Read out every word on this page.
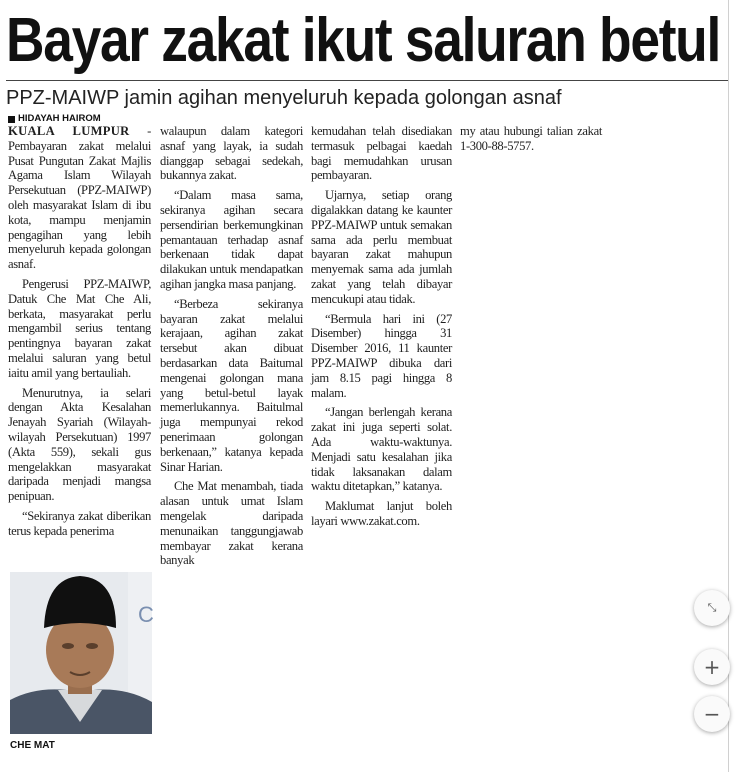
Bayar zakat ikut saluran betul
PPZ-MAIWP jamin agihan menyeluruh kepada golongan asnaf
HIDAYAH HAIROM

KUALA LUMPUR - Pembayaran zakat melalui Pusat Pungutan Zakat Majlis Agama Islam Wilayah Persekutuan (PPZ-MAIWP) oleh masyarakat Islam di ibu kota, mampu menjamin pengagihan yang lebih menyeluruh kepada golongan asnaf.

Pengerusi PPZ-MAIWP, Datuk Che Mat Che Ali, berkata, masyarakat perlu mengambil serius tentang pentingnya bayaran zakat melalui saluran yang betul iaitu amil yang bertauliah.

Menurutnya, ia selari dengan Akta Kesalahan Jenayah Syariah (Wilayah-wilayah Persekutuan) 1997 (Akta 559), sekali gus mengelakkan masyarakat daripada menjadi mangsa penipuan.

“Sekiranya zakat diberikan terus kepada penerima

walaupun dalam kategori asnaf yang layak, ia sudah dianggap sebagai sedekah, bukannya zakat.

“Dalam masa sama, sekiranya agihan secara persendirian berkemungkinan pemantauan terhadap asnaf berkenaan tidak dapat dilakukan untuk mendapatkan agihan jangka masa panjang.

“Berbeza sekiranya bayaran zakat melalui kerajaan, agihan zakat tersebut akan dibuat berdasarkan data Baitumal mengenai golongan mana yang betul-betul layak memerlukannya. Baitulmal juga mempunyai rekod penerimaan golongan berkenaan,” katanya kepada Sinar Harian.

Che Mat menambah, tiada alasan untuk umat Islam mengelak daripada menunaikan tanggungjawab membayar zakat kerana banyak

kemudahan telah disediakan termasuk pelbagai kaedah bagi memudahkan urusan pembayaran.

Ujarnya, setiap orang digalakkan datang ke kaunter PPZ-MAIWP untuk semakan sama ada perlu membuat bayaran zakat mahupun menyemak sama ada jumlah zakat yang telah dibayar mencukupi atau tidak.

“Bermula hari ini (27 Disember) hingga 31 Disember 2016, 11 kaunter PPZ-MAIWP dibuka dari jam 8.15 pagi hingga 8 malam.

“Jangan berlengah kerana zakat ini juga seperti solat. Ada waktu-waktunya. Menjadi satu kesalahan jika tidak laksanakan dalam waktu ditetapkan,” katanya.

Maklumat lanjut boleh layari www.zakat.com.

my atau hubungi talian zakat 1-300-88-5757.

C
CHE MAT
⤡
+
−
